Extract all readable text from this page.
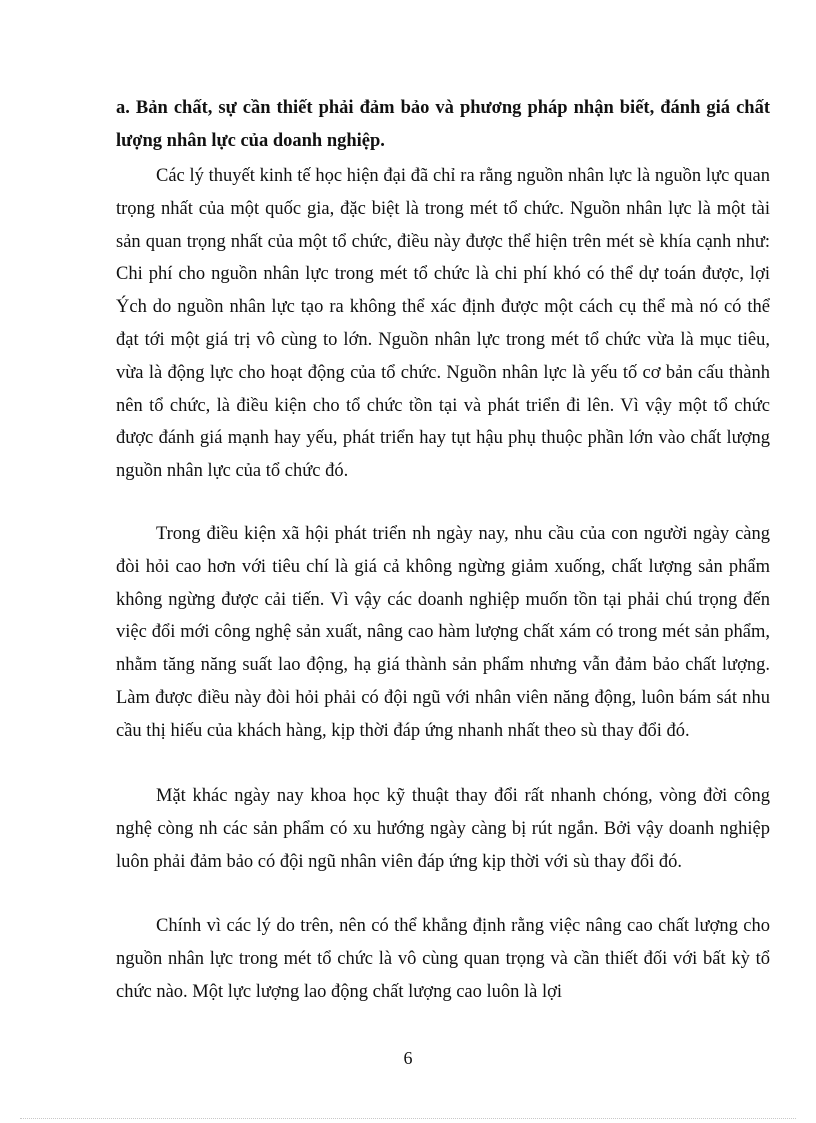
a. Bản chất, sự cần thiết phải đảm bảo và phương pháp nhận biết, đánh giá chất lượng nhân lực của doanh nghiệp.

Các lý thuyết kinh tế học hiện đại đã chỉ ra rằng nguồn nhân lực là nguồn lực quan trọng nhất của một quốc gia, đặc biệt là trong mét tổ chức. Nguồn nhân lực là một tài sản quan trọng nhất của một tổ chức, điều này được thể hiện trên mét sè khía cạnh như: Chi phí cho nguồn nhân lực trong mét tổ chức là chi phí khó có thể dự toán được, lợi Ých do nguồn nhân lực tạo ra không thể xác định được một cách cụ thể mà nó có thể đạt tới một giá trị vô cùng to lớn. Nguồn nhân lực trong mét tổ chức vừa là mục tiêu, vừa là động lực cho hoạt động của tổ chức. Nguồn nhân lực là yếu tố cơ bản cấu thành nên tổ chức, là điều kiện cho tổ chức tồn tại và phát triển đi lên. Vì vậy một tổ chức được đánh giá mạnh hay yếu, phát triển hay tụt hậu phụ thuộc phần lớn vào chất lượng nguồn nhân lực của tổ chức đó.

Trong điều kiện xã hội phát triển nh ngày nay, nhu cầu của con người ngày càng đòi hỏi cao hơn với tiêu chí là giá cả không ngừng giảm xuống, chất lượng sản phẩm không ngừng được cải tiến. Vì vậy các doanh nghiệp muốn tồn tại phải chú trọng đến việc đổi mới công nghệ sản xuất, nâng cao hàm lượng chất xám có trong mét sản phẩm, nhằm tăng năng suất lao động, hạ giá thành sản phẩm nhưng vẫn đảm bảo chất lượng. Làm được điều này đòi hỏi phải có đội ngũ với nhân viên năng động, luôn bám sát nhu cầu thị hiếu của khách hàng, kịp thời đáp ứng nhanh nhất theo sù thay đổi đó.

Mặt khác ngày nay khoa học kỹ thuật thay đổi rất nhanh chóng, vòng đời công nghệ còng nh các sản phẩm có xu hướng ngày càng bị rút ngắn. Bởi vậy doanh nghiệp luôn phải đảm bảo có đội ngũ nhân viên đáp ứng kịp thời với sù thay đổi đó.

Chính vì các lý do trên, nên có thể khẳng định rằng việc nâng cao chất lượng cho nguồn nhân lực trong mét tổ chức là vô cùng quan trọng và cần thiết đối với bất kỳ tổ chức nào. Một lực lượng lao động chất lượng cao luôn là lợi

6
